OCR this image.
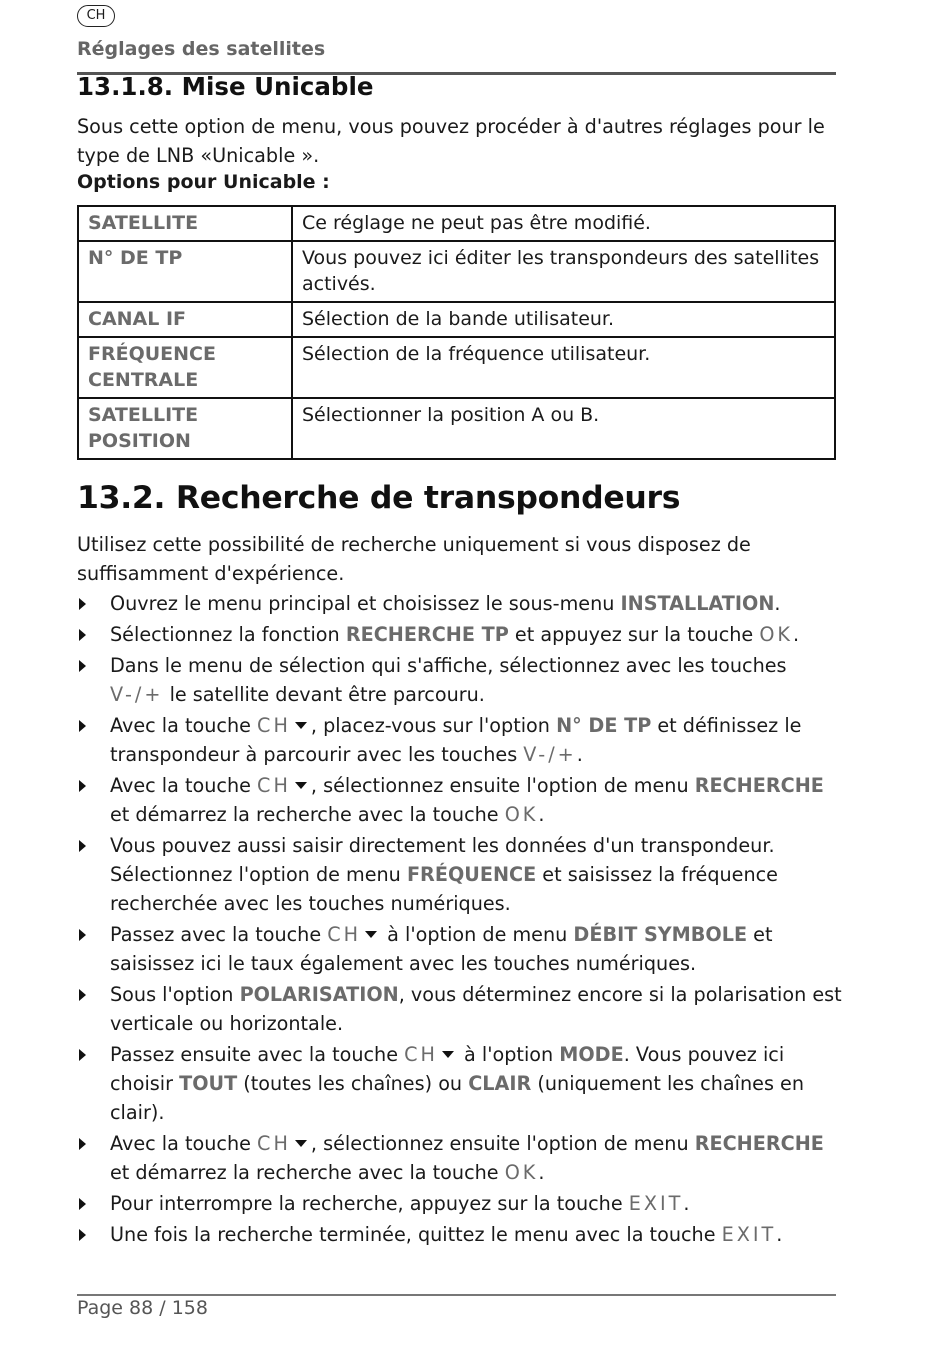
CH
Réglages des satellites
13.1.8. Mise Unicable

Sous cette option de menu, vous pouvez procéder à d'autres réglages pour le type de LNB «Unicable ».

Options pour Unicable :

SATELLITE	Ce réglage ne peut pas être modifié.
N° DE TP	Vous pouvez ici éditer les transpondeurs des satellites activés.
CANAL IF	Sélection de la bande utilisateur.
FRÉQUENCE CENTRALE	Sélection de la fréquence utilisateur.
SATELLITE POSITION	Sélectionner la position A ou B.
13.2. Recherche de transpondeurs

Utilisez cette possibilité de recherche uniquement si vous disposez de suffisamment d'expérience.

Ouvrez le menu principal et choisissez le sous-menu INSTALLATION.
Sélectionnez la fonction RECHERCHE TP et appuyez sur la touche OK.
Dans le menu de sélection qui s'affiche, sélectionnez avec les touches V-/+ le satellite devant être parcouru.
Avec la touche CH , placez-vous sur l'option N° DE TP et définissez le transpondeur à parcourir avec les touches V-/+.
Avec la touche CH , sélectionnez ensuite l'option de menu RECHERCHE et démarrez la recherche avec la touche OK.
Vous pouvez aussi saisir directement les données d'un transpondeur. Sélectionnez l'option de menu FRÉQUENCE et saisissez la fréquence recherchée avec les touches numériques.
Passez avec la touche CH à l'option de menu DÉBIT SYMBOLE et saisissez ici le taux également avec les touches numériques.
Sous l'option POLARISATION, vous déterminez encore si la polarisation est verticale ou horizontale.
Passez ensuite avec la touche CH à l'option MODE. Vous pouvez ici choisir TOUT (toutes les chaînes) ou CLAIR (uniquement les chaînes en clair).
Avec la touche CH , sélectionnez ensuite l'option de menu RECHERCHE et démarrez la recherche avec la touche OK.
Pour interrompre la recherche, appuyez sur la touche EXIT.
Une fois la recherche terminée, quittez le menu avec la touche EXIT.
Page 88 / 158
